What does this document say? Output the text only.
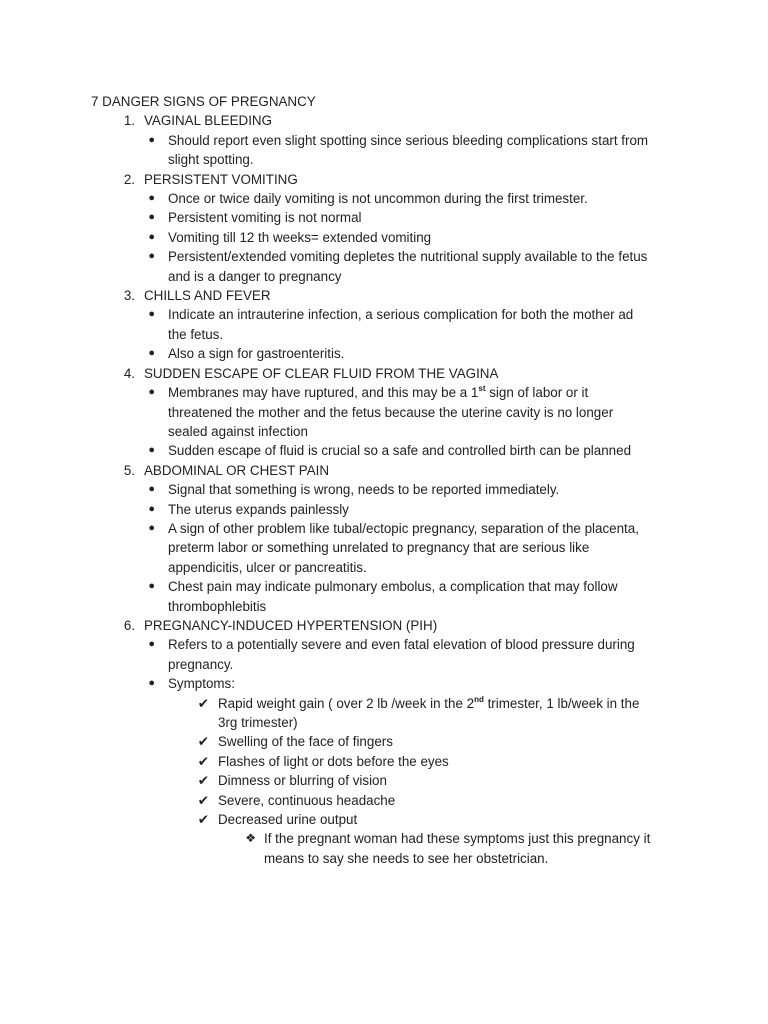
7 DANGER SIGNS OF PREGNANCY
1. VAGINAL BLEEDING
● Should report even slight spotting since serious bleeding complications start from slight spotting.
2. PERSISTENT VOMITING
● Once or twice daily vomiting is not uncommon during the first trimester.
● Persistent vomiting is not normal
● Vomiting till 12 th weeks= extended vomiting
● Persistent/extended vomiting depletes the nutritional supply available to the fetus and is a danger to pregnancy
3. CHILLS AND FEVER
● Indicate an intrauterine infection, a serious complication for both the mother ad the fetus.
● Also a sign for gastroenteritis.
4. SUDDEN ESCAPE OF CLEAR FLUID FROM THE VAGINA
● Membranes may have ruptured, and this may be a 1st sign of labor or it threatened the mother and the fetus because the uterine cavity is no longer sealed against infection
● Sudden escape of fluid is crucial so a safe and controlled birth can be planned
5. ABDOMINAL OR CHEST PAIN
● Signal that something is wrong, needs to be reported immediately.
● The uterus expands painlessly
● A sign of other problem like tubal/ectopic pregnancy, separation of the placenta, preterm labor or something unrelated to pregnancy that are serious like appendicitis, ulcer or pancreatitis.
● Chest pain may indicate pulmonary embolus, a complication that may follow thrombophlebitis
6. PREGNANCY-INDUCED HYPERTENSION (PIH)
● Refers to a potentially severe and even fatal elevation of blood pressure during pregnancy.
● Symptoms:
✔ Rapid weight gain ( over 2 lb /week in the 2nd trimester, 1 lb/week in the 3rg trimester)
✔ Swelling of the face of fingers
✔ Flashes of light or dots before the eyes
✔ Dimness or blurring of vision
✔ Severe, continuous headache
✔ Decreased urine output
❖ If the pregnant woman had these symptoms just this pregnancy it means to say she needs to see her obstetrician.
